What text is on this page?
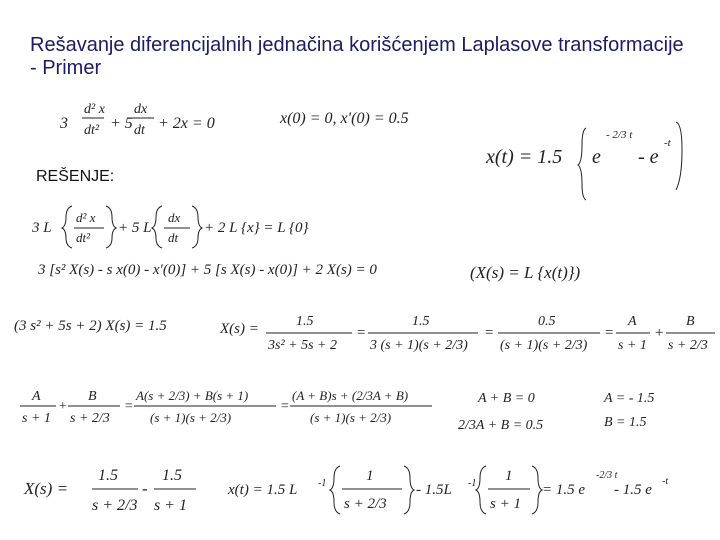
Rešavanje diferencijalnih jednačina korišćenjem Laplasove transformacije - Primer
REŠENJE:
3
d² x
dt² + 5
dx
dt + 2x = 0
3 L
d² x
dt²
+ 5 L
dx
dt
+ 2 L {x} = L {0}
(X(s) = L {x(t)})
X(s) =	1.5
3s² + 5s + 2
=
1.5
3 (s + 1)(s + 2/3)
=
0.5
(s + 1)(s + 2/3)
=
A
s + 1
+
B
s + 2/3
A
s + 1
+
B
s + 2/3
=
A(s + 2/3) + B(s + 1)
(s + 1)(s + 2/3)
=
(A + B)s + (2/3A + B)
(s + 1)(s + 2/3)
X(s) =
1.5
s + 2/3
-
1.5
s + 1
x(t) = 1.5 L -1	1
s + 2/3
- 1.5L -1 1
s + 1
= 1.5 e
-2/3 t
- 1.5 e
-t
x(t) = 1.5 e
- 2/3 t
- e
-t
x(0) = 0, x′(0) = 0.5
3 [s² X(s) - s x(0) - x′(0)] + 5 [s X(s) - x(0)] + 2 X(s) = 0
(3 s² + 5s + 2) X(s) = 1.5
A + B = 0
2/3A + B = 0.5
A = - 1.5
B = 1.5
